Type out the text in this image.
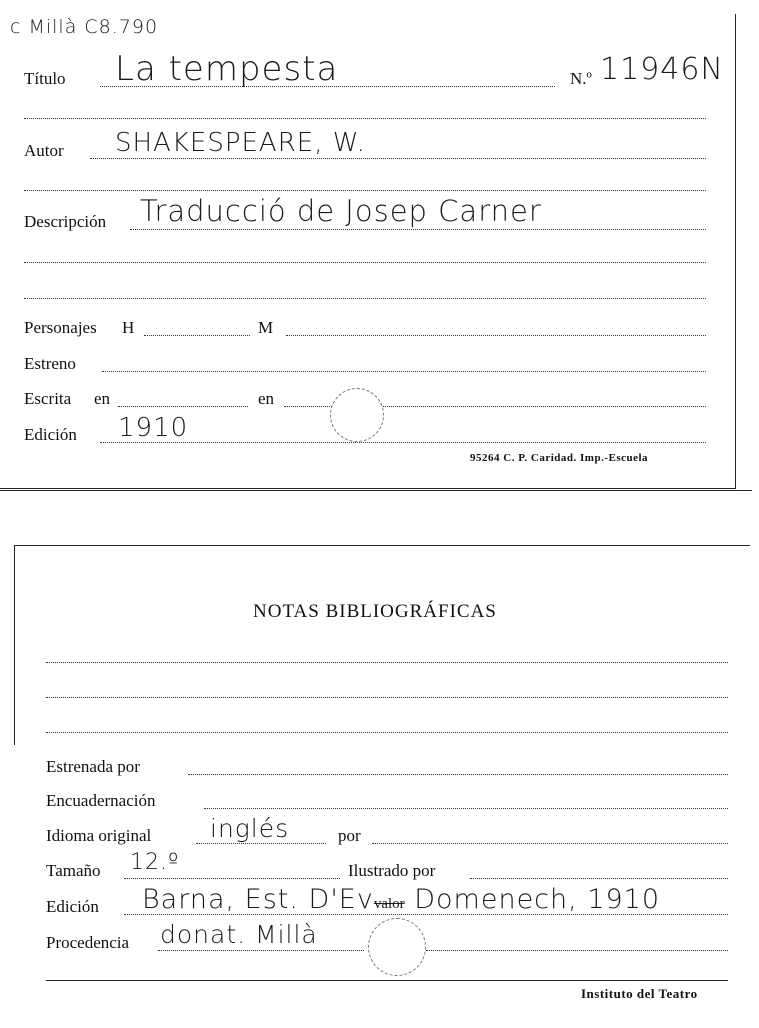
c Millà C8.790
Título La tempesta	N.º 11946N
Autor SHAKESPEARE, W.
Descripción Traducció de Josep Carner
Personajes H	M
Estreno
Escrita en	en
Edición 1910
95264 C. P. Caridad. Imp.-Escuela
NOTAS BIBLIOGRÁFICAS
Estrenada por
Encuadernación
Idioma original inglés	por
Tamaño 12.º	Ilustrado por
Edición Barna, Est. D'Evvalor Domenech, 1910
Procedencia donat. Millà
Instituto del Teatro
